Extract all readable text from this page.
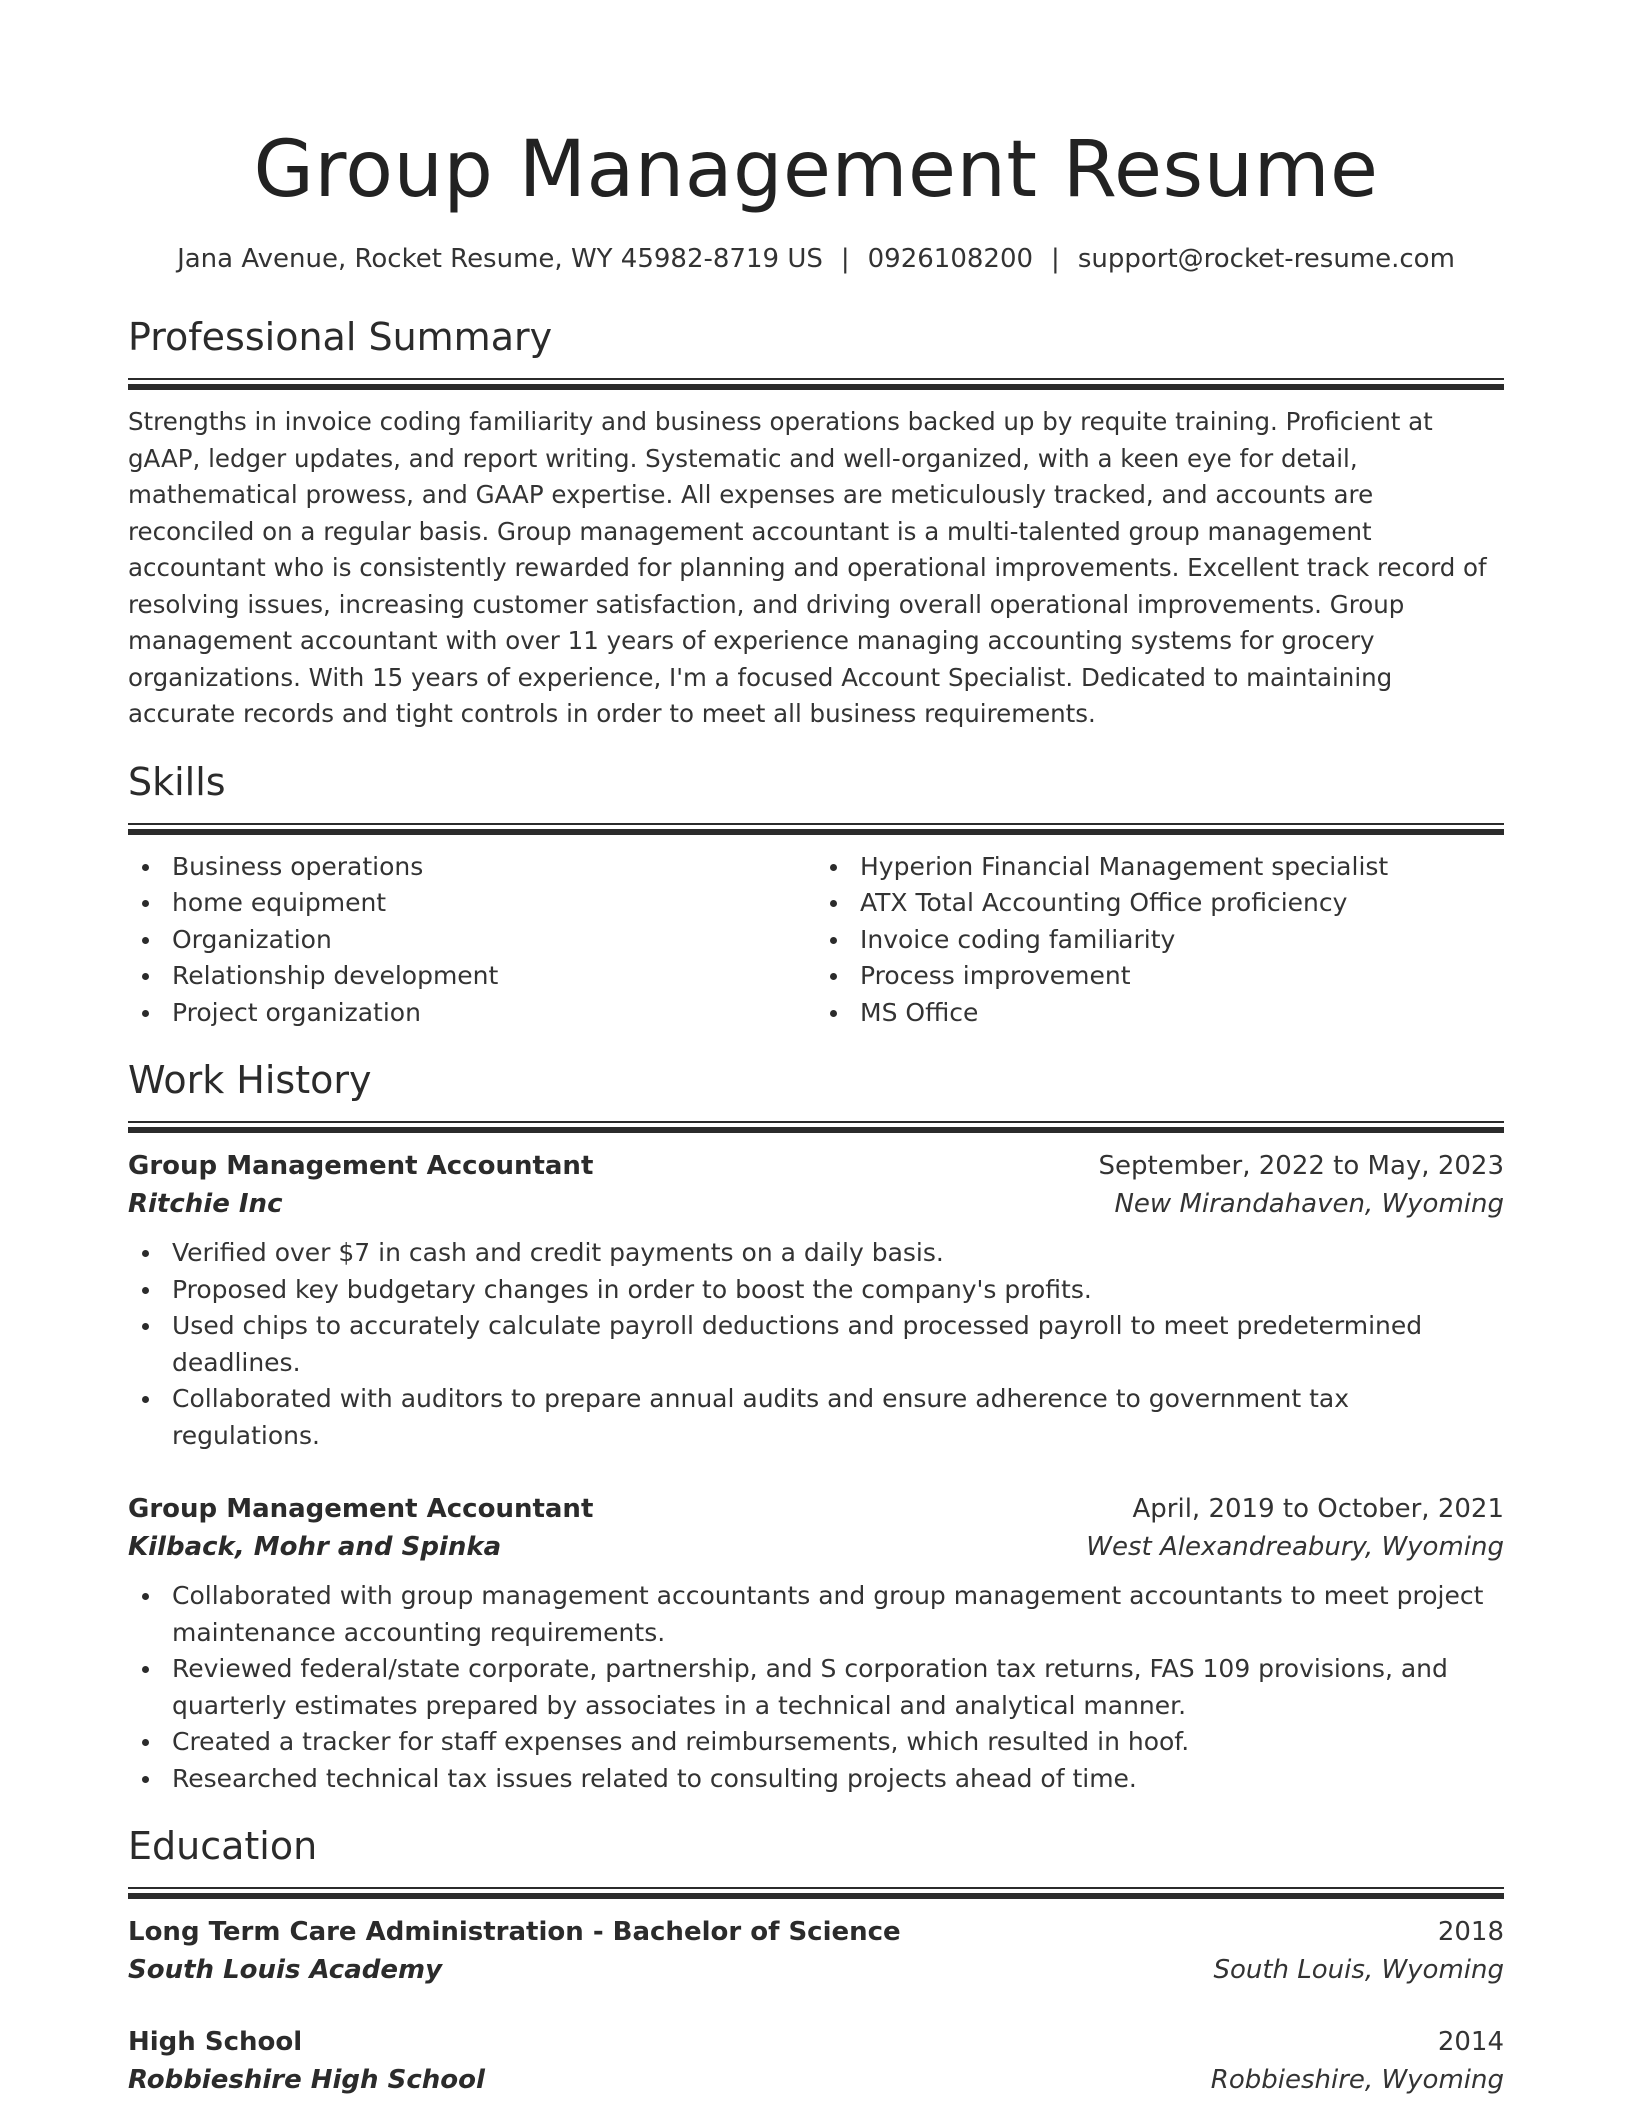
Group Management Resume
Jana Avenue, Rocket Resume, WY 45982-8719 US | 0926108200 | support@rocket-resume.com
Professional Summary

Strengths in invoice coding familiarity and business operations backed up by requite training. Proficient at gAAP, ledger updates, and report writing. Systematic and well-organized, with a keen eye for detail, mathematical prowess, and GAAP expertise. All expenses are meticulously tracked, and accounts are reconciled on a regular basis. Group management accountant is a multi-talented group management accountant who is consistently rewarded for planning and operational improvements. Excellent track record of resolving issues, increasing customer satisfaction, and driving overall operational improvements. Group management accountant with over 11 years of experience managing accounting systems for grocery organizations. With 15 years of experience, I'm a focused Account Specialist. Dedicated to maintaining accurate records and tight controls in order to meet all business requirements.

Skills
Business operations
home equipment
Organization
Relationship development
Project organization
Hyperion Financial Management specialist
ATX Total Accounting Office proficiency
Invoice coding familiarity
Process improvement
MS Office
Work History
Group Management Accountant	September, 2022 to May, 2023
Ritchie Inc	New Mirandahaven, Wyoming
Verified over $7 in cash and credit payments on a daily basis.
Proposed key budgetary changes in order to boost the company's profits.
Used chips to accurately calculate payroll deductions and processed payroll to meet predetermined deadlines.
Collaborated with auditors to prepare annual audits and ensure adherence to government tax regulations.
Group Management Accountant	April, 2019 to October, 2021
Kilback, Mohr and Spinka	West Alexandreabury, Wyoming
Collaborated with group management accountants and group management accountants to meet project maintenance accounting requirements.
Reviewed federal/state corporate, partnership, and S corporation tax returns, FAS 109 provisions, and quarterly estimates prepared by associates in a technical and analytical manner.
Created a tracker for staff expenses and reimbursements, which resulted in hoof.
Researched technical tax issues related to consulting projects ahead of time.
Education
Long Term Care Administration - Bachelor of Science	2018
South Louis Academy	South Louis, Wyoming
High School	2014
Robbieshire High School	Robbieshire, Wyoming
